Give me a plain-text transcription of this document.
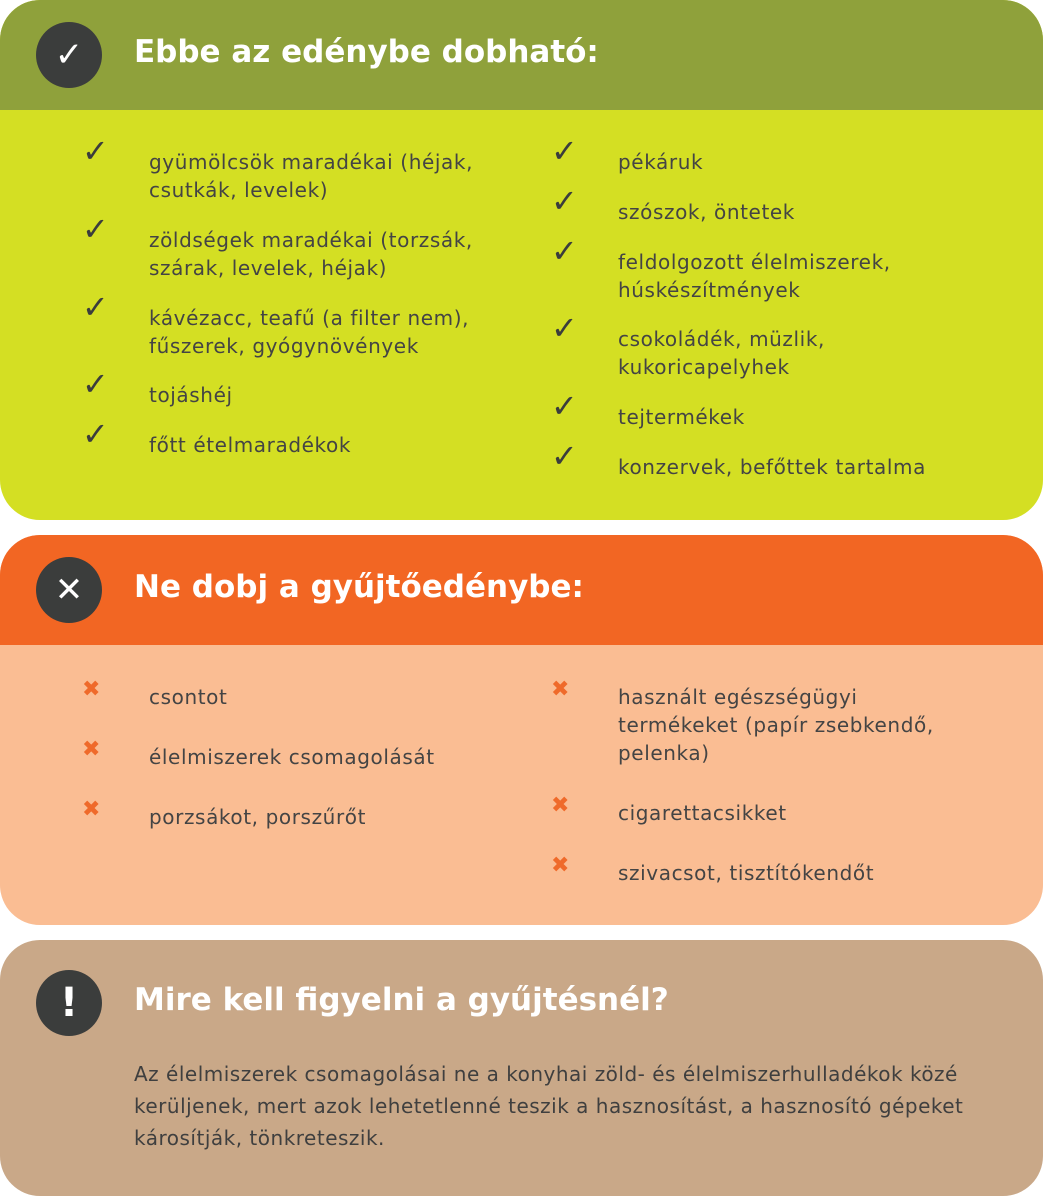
✓	Ebbe az edénybe dobható:
✓	gyümölcsök maradékai (héjak, csutkák, levelek)
✓	zöldségek maradékai (torzsák, szárak, levelek, héjak)
✓	kávézacc, teafű (a filter nem), fűszerek, gyógynövények
✓	tojáshéj
✓	főtt ételmaradékok
✓	pékáruk
✓	szószok, öntetek
✓	feldolgozott élelmiszerek, húskészítmények
✓	csokoládék, müzlik, kukoricapelyhek
✓	tejtermékek
✓	konzervek, befőttek tartalma
✕	Ne dobj a gyűjtőedénybe:
✖	csontot
✖	élelmiszerek csomagolását
✖	porzsákot, porszűrőt
✖	használt egészségügyi termékeket (papír zsebkendő, pelenka)
✖	cigarettacsikket
✖	szivacsot, tisztítókendőt
!	Mire kell figyelni a gyűjtésnél?

Az élelmiszerek csomagolásai ne a konyhai zöld- és élelmiszerhulladékok közé kerüljenek, mert azok lehetetlenné teszik a hasznosítást, a hasznosító gépeket károsítják, tönkreteszik.
